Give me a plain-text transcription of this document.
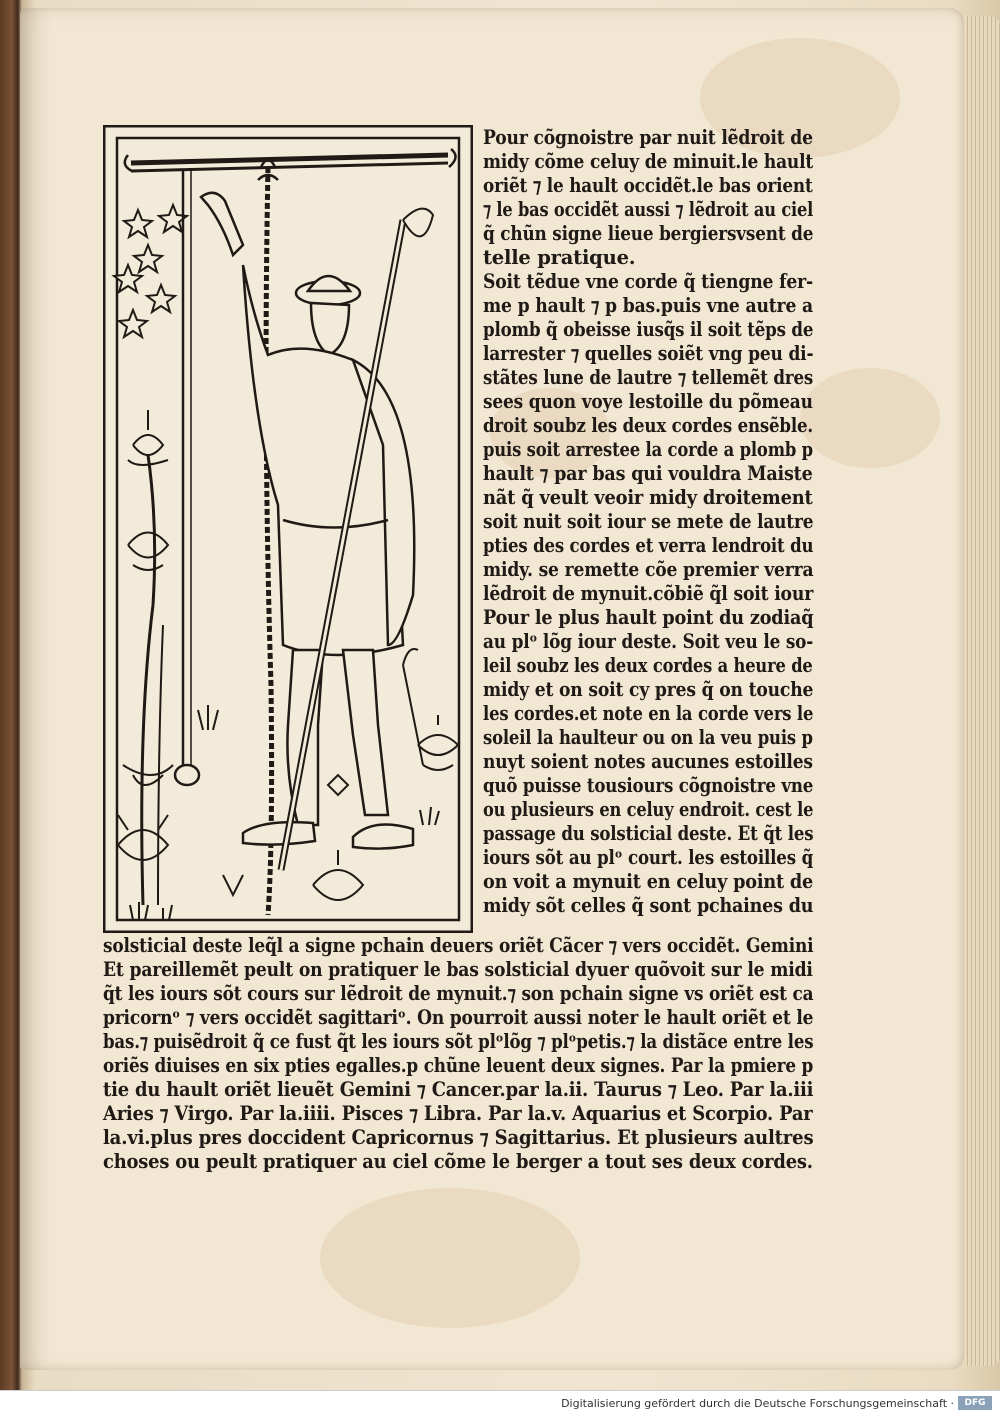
Pour cõgnoistre par nuit lẽdroit de
midy cõme celuy de minuit.le hault
oriẽt ⁊ le hault occidẽt.le bas orient
⁊ le bas occidẽt aussi ⁊ lẽdroit au ciel
q̃ chũn signe lieue bergiersvsent de
telle pratique.
Soit tẽdue vne corde q̃ tiengne fer-
me p hault ⁊ p bas.puis vne autre a
plomb q̃ obeisse iusq̃s il soit tẽps de
larrester ⁊ quelles soiẽt vng peu di-
stãtes lune de lautre ⁊ tellemẽt dres
sees quon voye lestoille du põmeau
droit soubz les deux cordes ensẽble.
puis soit arrestee la corde a plomb p
hault ⁊ par bas qui vouldra Maiste
nãt q̃ veult veoir midy droitement
soit nuit soit iour se mete de lautre
pties des cordes et verra lendroit du
midy. se remette cõe premier verra
lẽdroit de mynuit.cõbiẽ q̃l soit iour
Pour le plus hault point du zodiaq̃
au plᵒ lõg iour deste. Soit veu le so-
leil soubz les deux cordes a heure de
midy et on soit cy pres q̃ on touche
les cordes.et note en la corde vers le
soleil la haulteur ou on la veu puis p
nuyt soient notes aucunes estoilles
quõ puisse tousiours cõgnoistre vne
ou plusieurs en celuy endroit. cest le
passage du solsticial deste. Et q̃t les
iours sõt au plᵒ court. les estoilles q̃
on voit a mynuit en celuy point de
midy sõt celles q̃ sont pchaines du
solsticial deste leq̃l a signe pchain deuers oriẽt Cãcer ⁊ vers occidẽt. Gemini
Et pareillemẽt peult on pratiquer le bas solsticial dyuer quõvoit sur le midi
q̃t les iours sõt cours sur lẽdroit de mynuit.⁊ son pchain signe vs oriẽt est ca
pricornᵒ ⁊ vers occidẽt sagittariᵒ. On pourroit aussi noter le hault oriẽt et le
bas.⁊ puisẽdroit q̃ ce fust q̃t les iours sõt plᵒlõg ⁊ plᵒpetis.⁊ la distãce entre les
oriẽs diuises en six pties egalles.p chũne leuent deux signes. Par la pmiere p
tie du hault oriẽt lieuẽt Gemini ⁊ Cancer.par la.ii. Taurus ⁊ Leo. Par la.iii
Aries ⁊ Virgo. Par la.iiii. Pisces ⁊ Libra. Par la.v. Aquarius et Scorpio. Par
la.vi.plus pres doccident Capricornus ⁊ Sagittarius. Et plusieurs aultres
choses ou peult pratiquer au ciel cõme le berger a tout ses deux cordes.
Digitalisierung gefördert durch die Deutsche Forschungsgemeinschaft ·	DFG
